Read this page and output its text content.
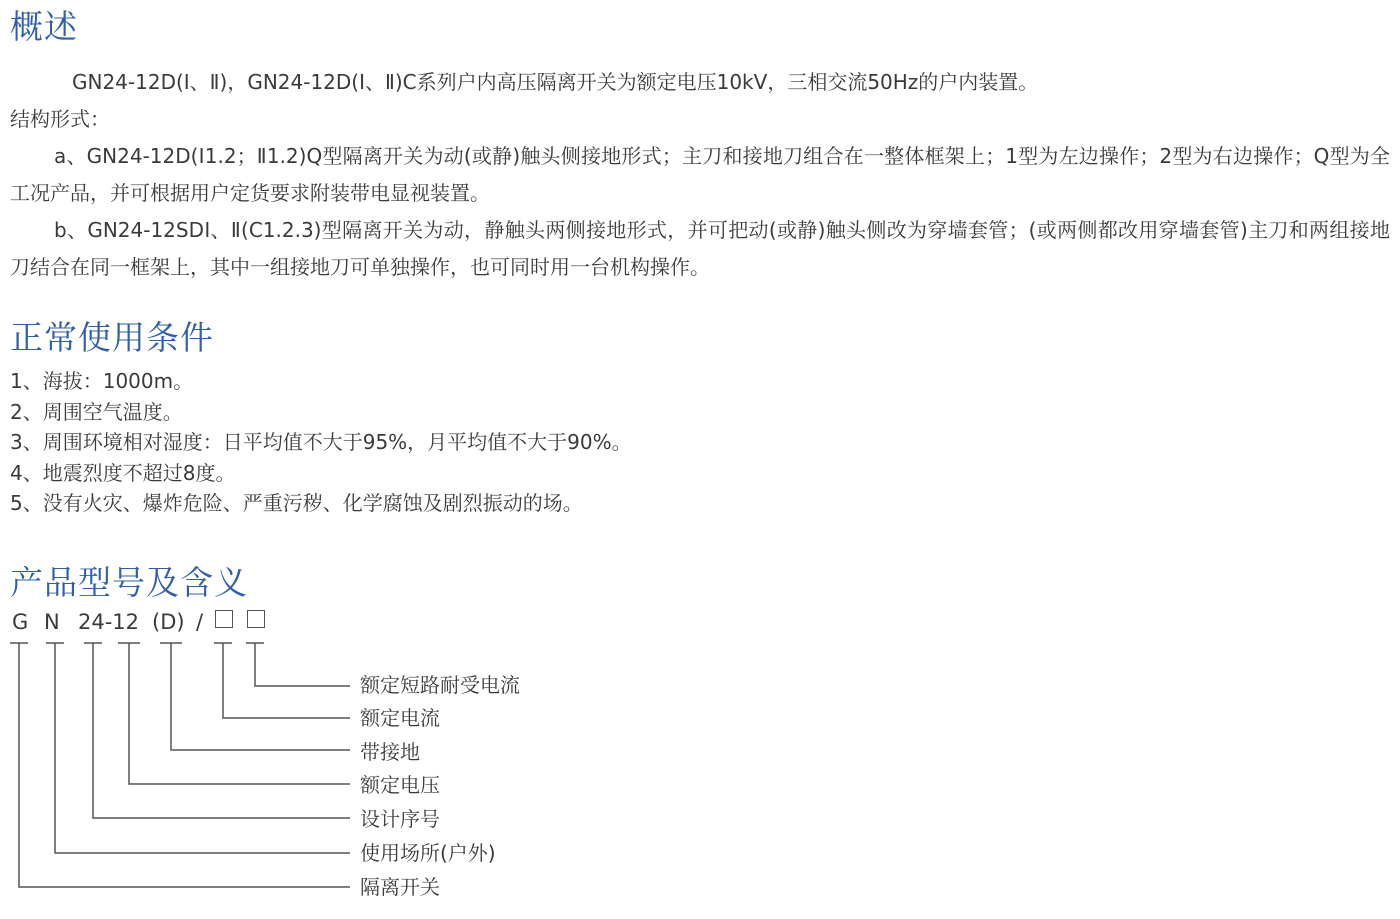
概述

GN24-12D(Ⅰ、Ⅱ)，GN24-12D(Ⅰ、Ⅱ)C系列户内高压隔离开关为额定电压10kV，三相交流50Hz的户内装置。

结构形式：

a、GN24-12D(Ⅰ1.2；Ⅱ1.2)Q型隔离开关为动(或静)触头侧接地形式；主刀和接地刀组合在一整体框架上；1型为左边操作；2型为右边操作；Q型为全工况产品，并可根据用户定货要求附装带电显视装置。

b、GN24-12SDⅠ、Ⅱ(C1.2.3)型隔离开关为动，静触头两侧接地形式，并可把动(或静)触头侧改为穿墙套管；(或两侧都改用穿墙套管)主刀和两组接地刀结合在同一框架上，其中一组接地刀可单独操作，也可同时用一台机构操作。

正常使用条件
1、海拔：1000m。
2、周围空气温度。
3、周围环境相对湿度：日平均值不大于95%，月平均值不大于90%。
4、地震烈度不超过8度。
5、没有火灾、爆炸危险、严重污秽、化学腐蚀及剧烈振动的场。
产品型号及含义
G N 24-12 (D) /
额定短路耐受电流
额定电流
带接地
额定电压
设计序号
使用场所(户外)
隔离开关
